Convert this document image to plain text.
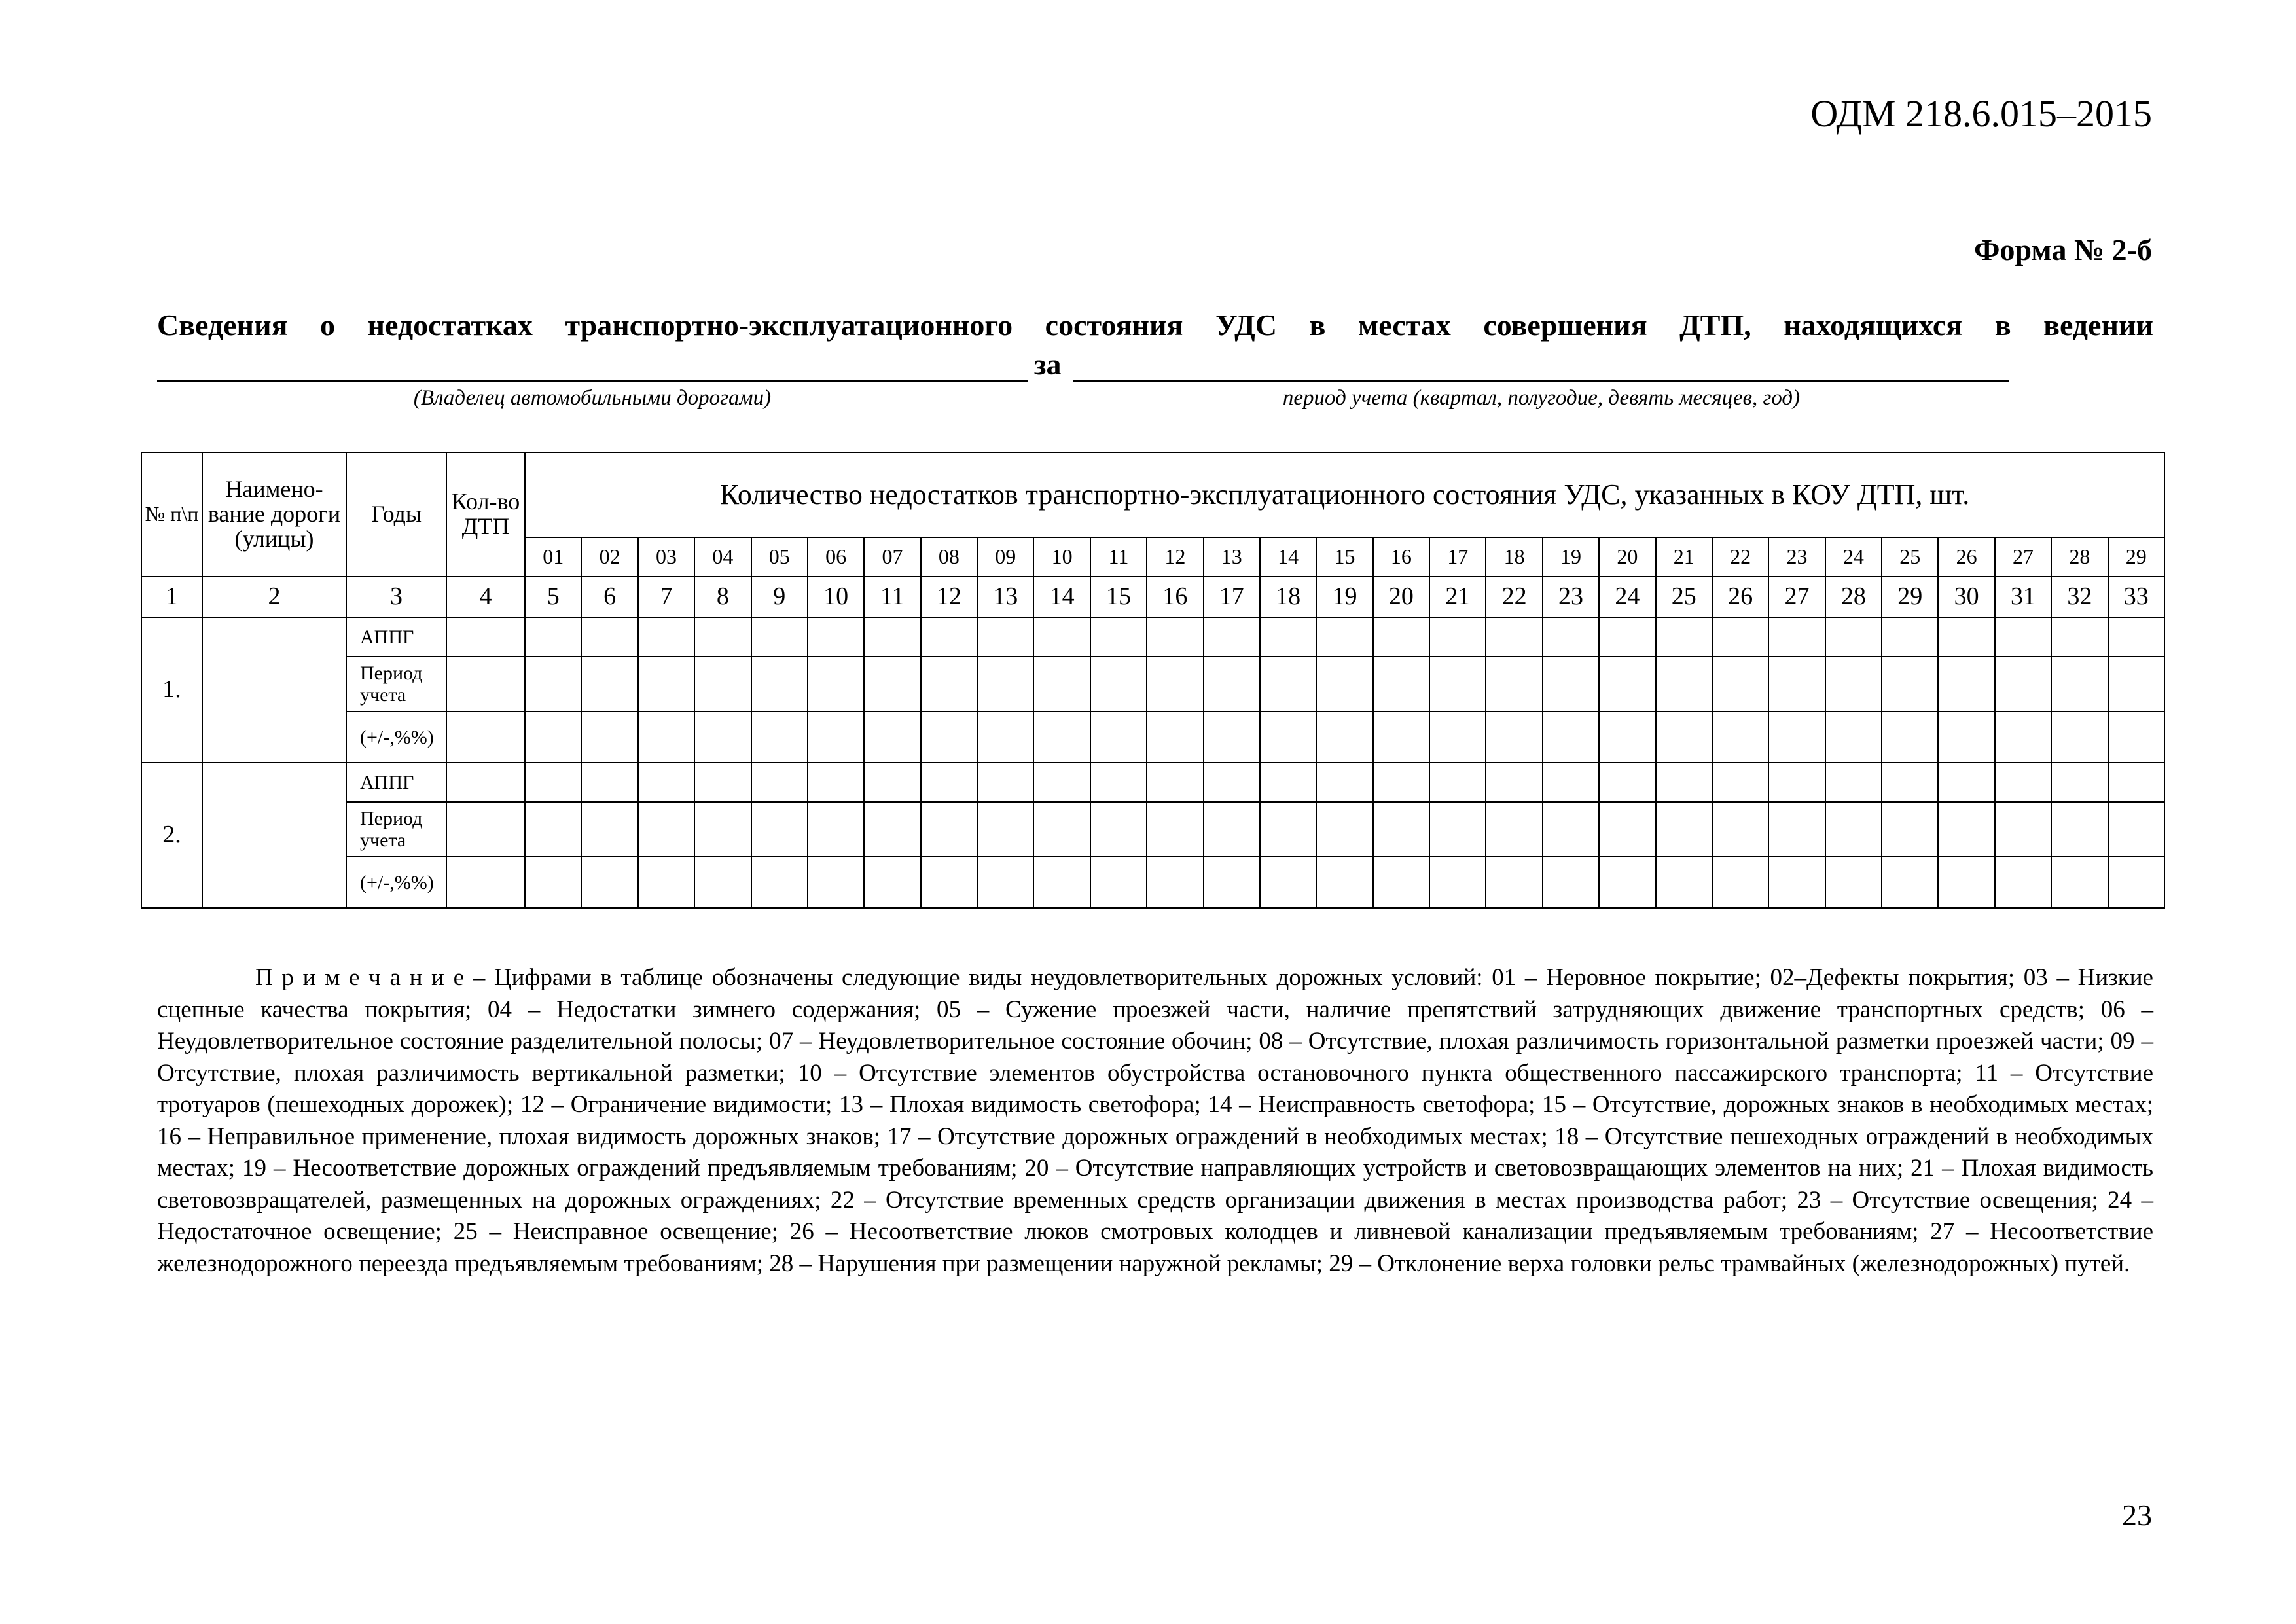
ОДМ 218.6.015–2015
Форма № 2-б
Сведения о недостатках транспортно-эксплуатационного состояния УДС в местах совершения ДТП, находящихся в ведении
за
(Владелец автомобильными дорогами)	период учета (квартал, полугодие, девять месяцев, год)
№ п\п	Наимено-вание дороги (улицы)	Годы	Кол-во ДТП	Количество недостатков транспортно-эксплуатационного состояния УДС, указанных в КОУ ДТП, шт.																												
				01	02	03	04	05	06	07	08	09	10	11	12	13	14	15	16	17	18	19	20	21	22	23	24	25	26	27	28	29
1	2	3	4	5	6	7	8	9	10	11	12	13	14	15	16	17	18	19	20	21	22	23	24	25	26	27	28	29	30	31	32	33
1.		АППГ																														
		Период учета																														
		(+/-,%%)																														
2.		АППГ																														
		Период учета																														
		(+/-,%%)																														
П р и м е ч а н и е – Цифрами в таблице обозначены следующие виды неудовлетворительных дорожных условий: 01 – Неровное покрытие; 02–Дефекты покрытия; 03 – Низкие сцепные качества покрытия; 04 – Недостатки зимнего содержания; 05 – Сужение проезжей части, наличие препятствий затрудняющих движение транспортных средств; 06 – Неудовлетворительное состояние разделительной полосы; 07 – Неудовлетворительное состояние обочин; 08 – Отсутствие, плохая различимость горизонтальной разметки проезжей части; 09 – Отсутствие, плохая различимость вертикальной разметки; 10 – Отсутствие элементов обустройства остановочного пункта общественного пассажирского транспорта; 11 – Отсутствие тротуаров (пешеходных дорожек); 12 – Ограничение видимости; 13 – Плохая видимость светофора; 14 – Неисправность светофора; 15 – Отсутствие, дорожных знаков в необходимых местах; 16 – Неправильное применение, плохая видимость дорожных знаков; 17 – Отсутствие дорожных ограждений в необходимых местах; 18 – Отсутствие пешеходных ограждений в необходимых местах; 19 – Несоответствие дорожных ограждений предъявляемым требованиям; 20 – Отсутствие направляющих устройств и световозвращающих элементов на них; 21 – Плохая видимость световозвращателей, размещенных на дорожных ограждениях; 22 – Отсутствие временных средств организации движения в местах производства работ; 23 – Отсутствие освещения; 24 – Недостаточное освещение; 25 – Неисправное освещение; 26 – Несоответствие люков смотровых колодцев и ливневой канализации предъявляемым требованиям; 27 – Несоответствие железнодорожного переезда предъявляемым требованиям; 28 – Нарушения при размещении наружной рекламы; 29 – Отклонение верха головки рельс трамвайных (железнодорожных) путей.
23
